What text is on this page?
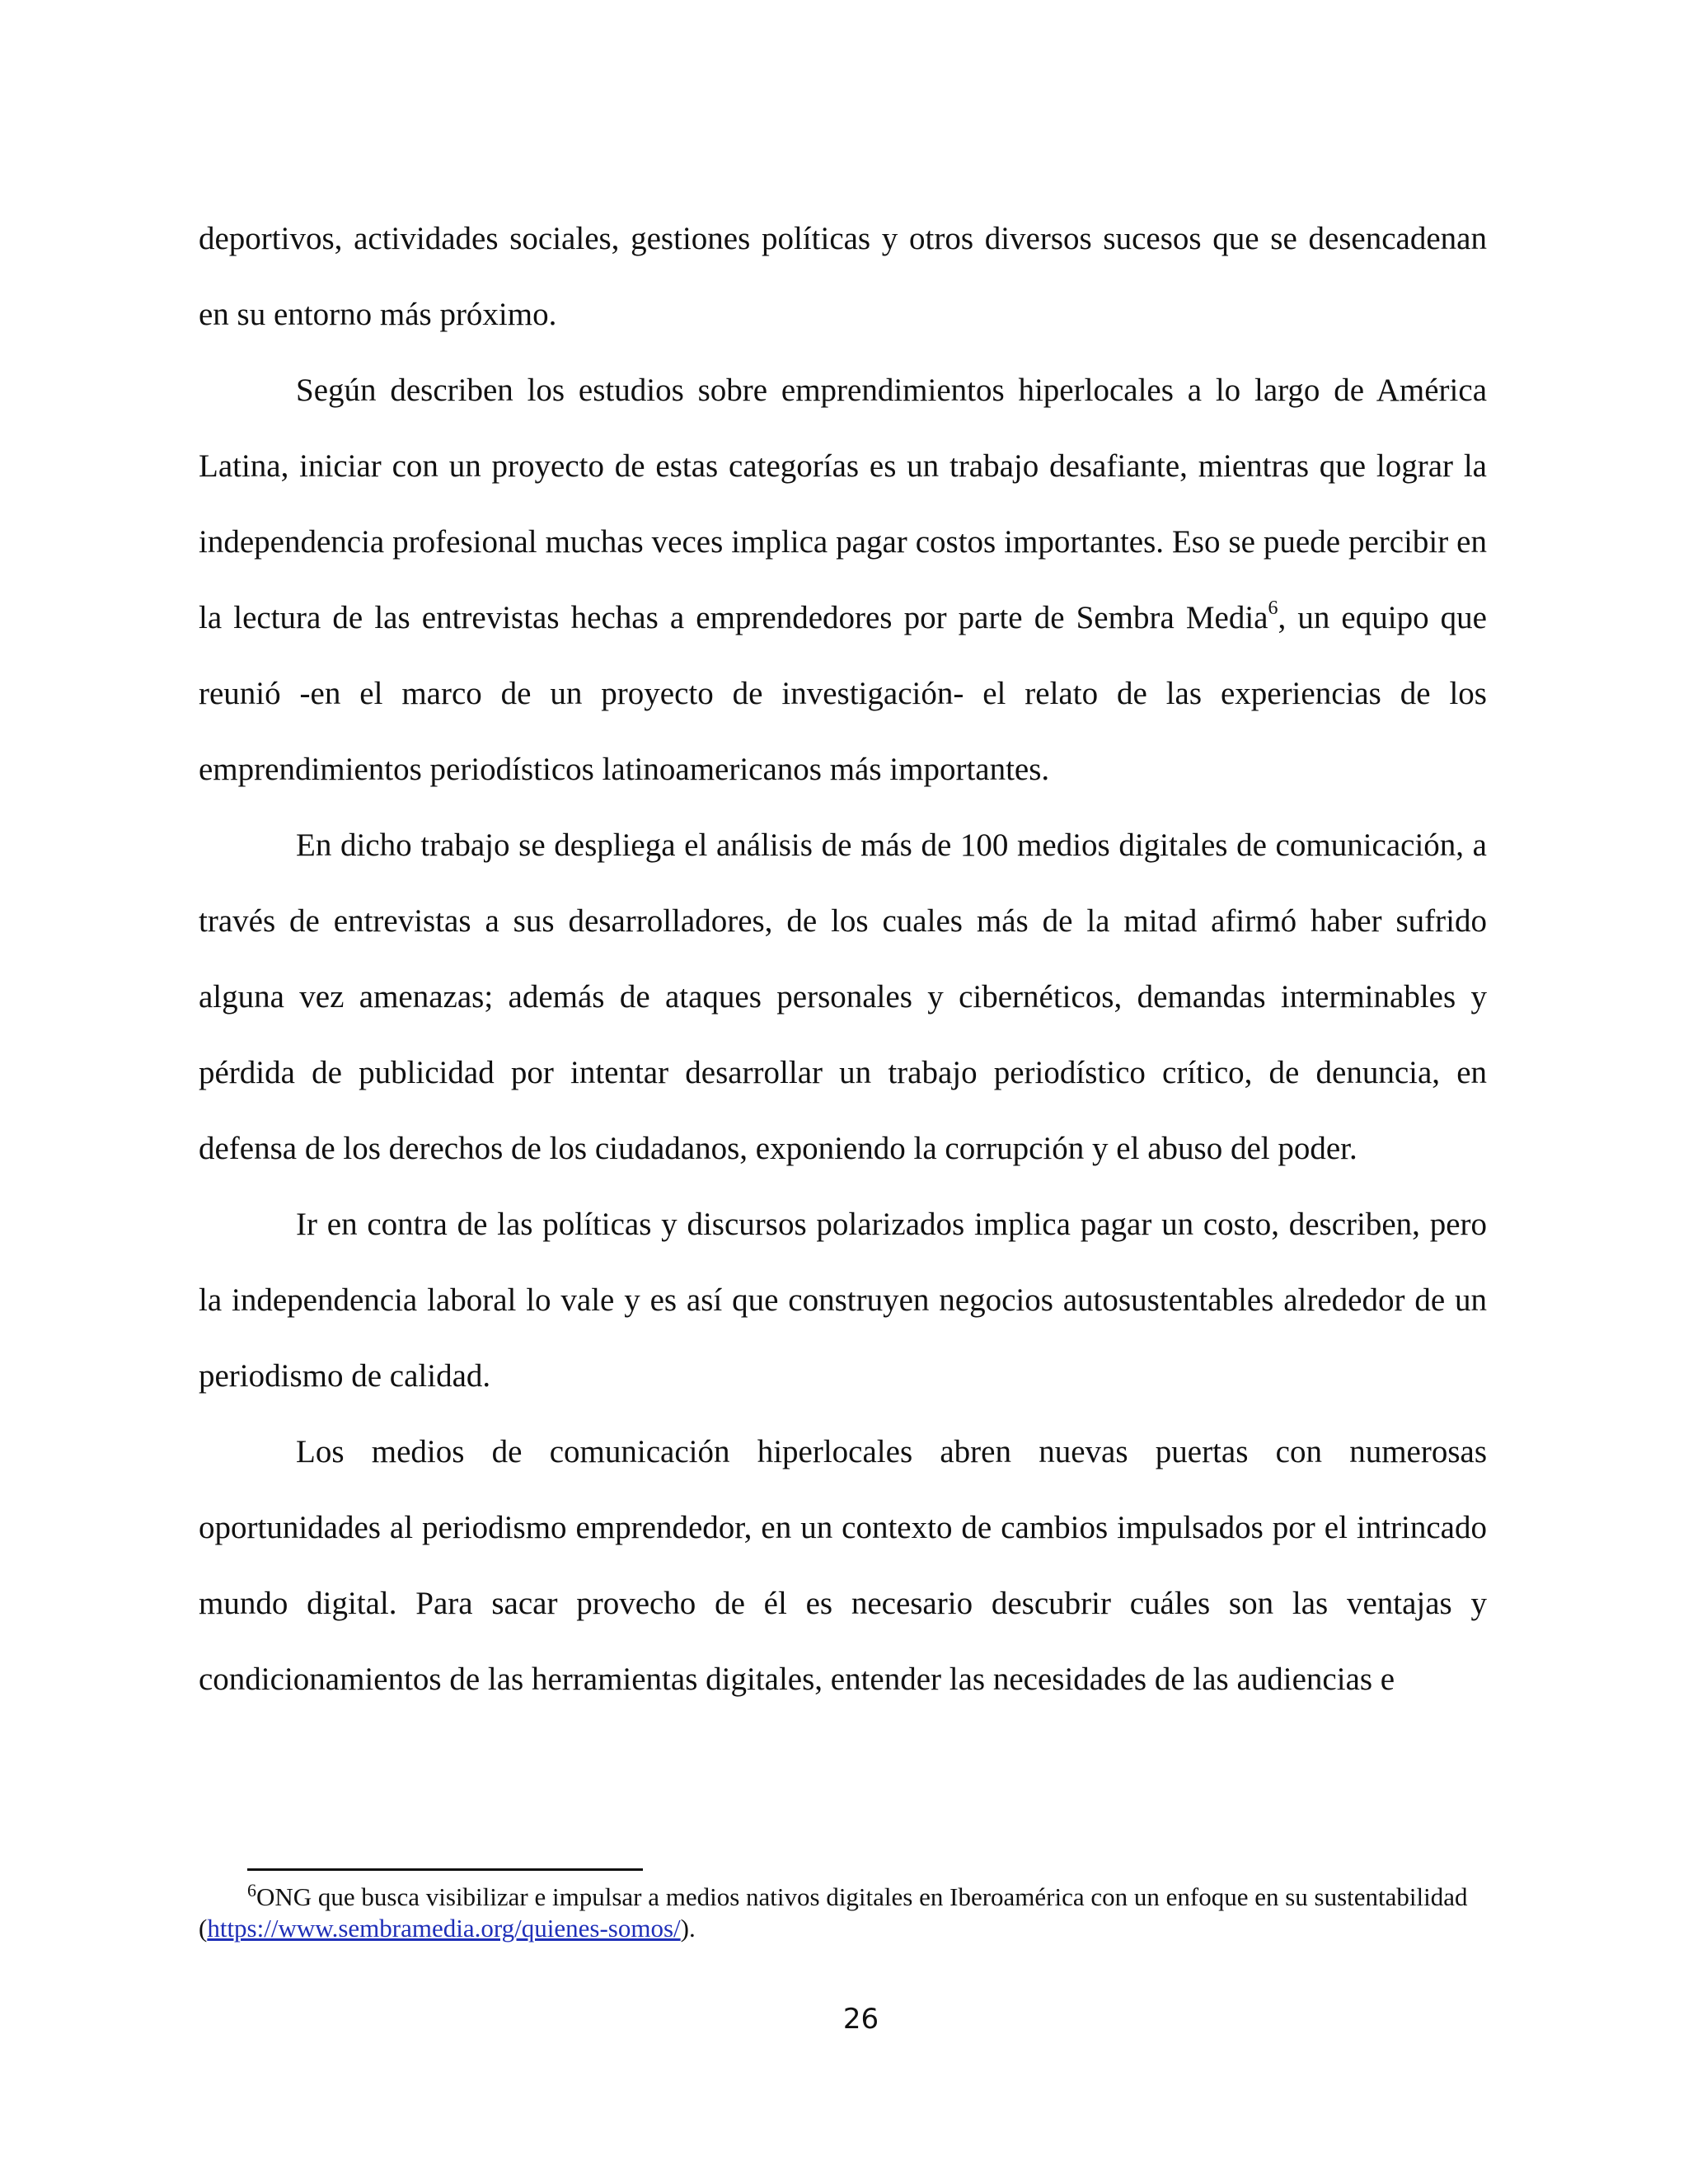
deportivos, actividades sociales, gestiones políticas y otros diversos sucesos que se desencadenan en su entorno más próximo.

Según describen los estudios sobre emprendimientos hiperlocales a lo largo de América Latina, iniciar con un proyecto de estas categorías es un trabajo desafiante, mientras que lograr la independencia profesional muchas veces implica pagar costos importantes. Eso se puede percibir en la lectura de las entrevistas hechas a emprendedores por parte de Sembra Media$^6$, un equipo que reunió -en el marco de un proyecto de investigación- el relato de las experiencias de los emprendimientos periodísticos latinoamericanos más importantes.

En dicho trabajo se despliega el análisis de más de 100 medios digitales de comunicación, a través de entrevistas a sus desarrolladores, de los cuales más de la mitad afirmó haber sufrido alguna vez amenazas; además de ataques personales y cibernéticos, demandas interminables y pérdida de publicidad por intentar desarrollar un trabajo periodístico crítico, de denuncia, en defensa de los derechos de los ciudadanos, exponiendo la corrupción y el abuso del poder.

Ir en contra de las políticas y discursos polarizados implica pagar un costo, describen, pero la independencia laboral lo vale y es así que construyen negocios autosustentables alrededor de un periodismo de calidad.

Los medios de comunicación hiperlocales abren nuevas puertas con numerosas oportunidades al periodismo emprendedor, en un contexto de cambios impulsados por el intrincado mundo digital. Para sacar provecho de él es necesario descubrir cuáles son las ventajas y condicionamientos de las herramientas digitales, entender las necesidades de las audiencias e

$^6$ONG que busca visibilizar e impulsar a medios nativos digitales en Iberoamérica con un enfoque en su sustentabilidad (https://www.sembramedia.org/quienes-somos/).
26
